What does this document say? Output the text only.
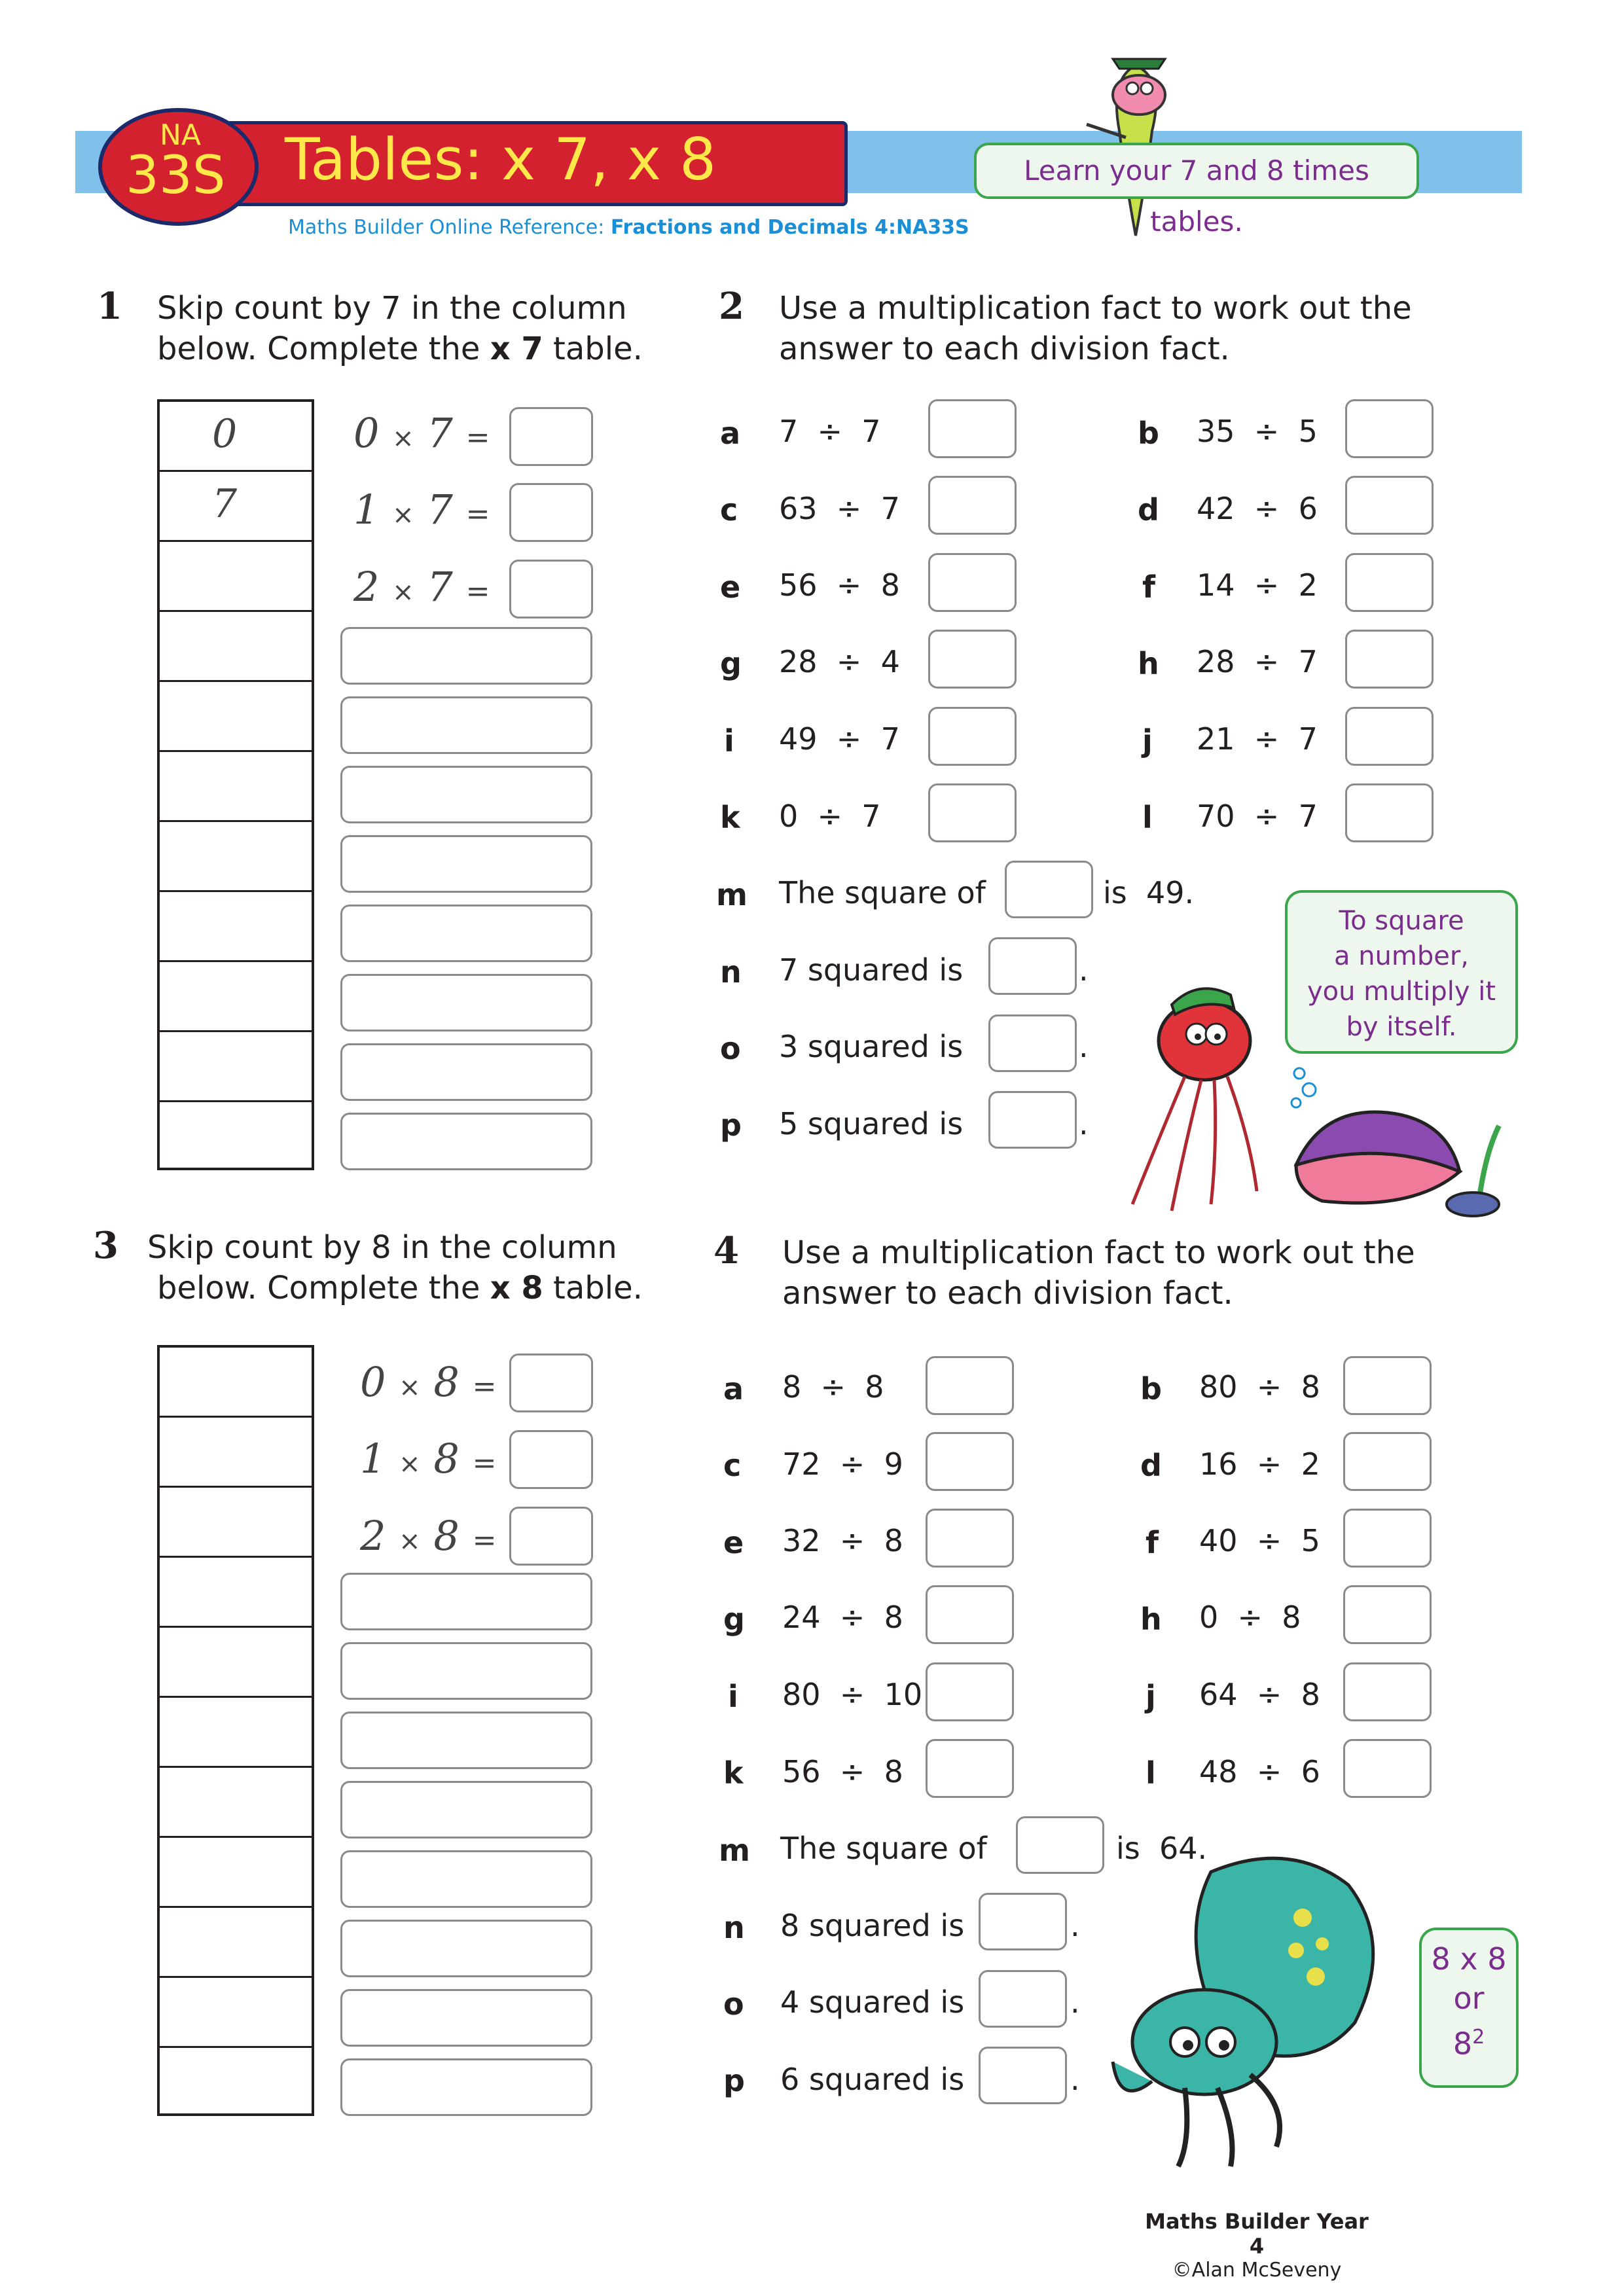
NA
33S Tables: x 7, x 8	Learn your 7 and 8 times tables.
Maths Builder Online Reference: Fractions and Decimals 4:NA33S
1 Skip count by 7 in the column
below. Complete the x 7 table.
0
7
0 × 7 =
1 × 7 =
2 × 7 =
2 Use a multiplication fact to work out the
answer to each division fact.
a 7  ÷  7
c 63  ÷  7
e 56  ÷  8
g 28  ÷  4
i 49  ÷  7
k 0  ÷  7
b 35  ÷  5
d 42  ÷  6
f 14  ÷  2
h 28  ÷  7
j 21  ÷  7
l 70  ÷  7
m The square of	is  49.
n 7 squared is	.
o 3 squared is	.
p 5 squared is	.
To square
a number,
you multiply it
by itself.
3 Skip count by 8 in the column
below. Complete the x 8 table.
0 × 8 =
1 × 8 =
2 × 8 =
4 Use a multiplication fact to work out the
answer to each division fact.
a 8  ÷  8
c 72  ÷  9
e 32  ÷  8
g 24  ÷  8
i 80  ÷  10
k 56  ÷  8
b 80  ÷  8
d 16  ÷  2
f 40  ÷  5
h 0  ÷  8
j 64  ÷  8
l 48  ÷  6
m The square of	is  64.
n 8 squared is	.
o 4 squared is	.
p 6 squared is	.
8 x 8
or
$8^2$
Maths Builder Year 4
©Alan McSeveny
